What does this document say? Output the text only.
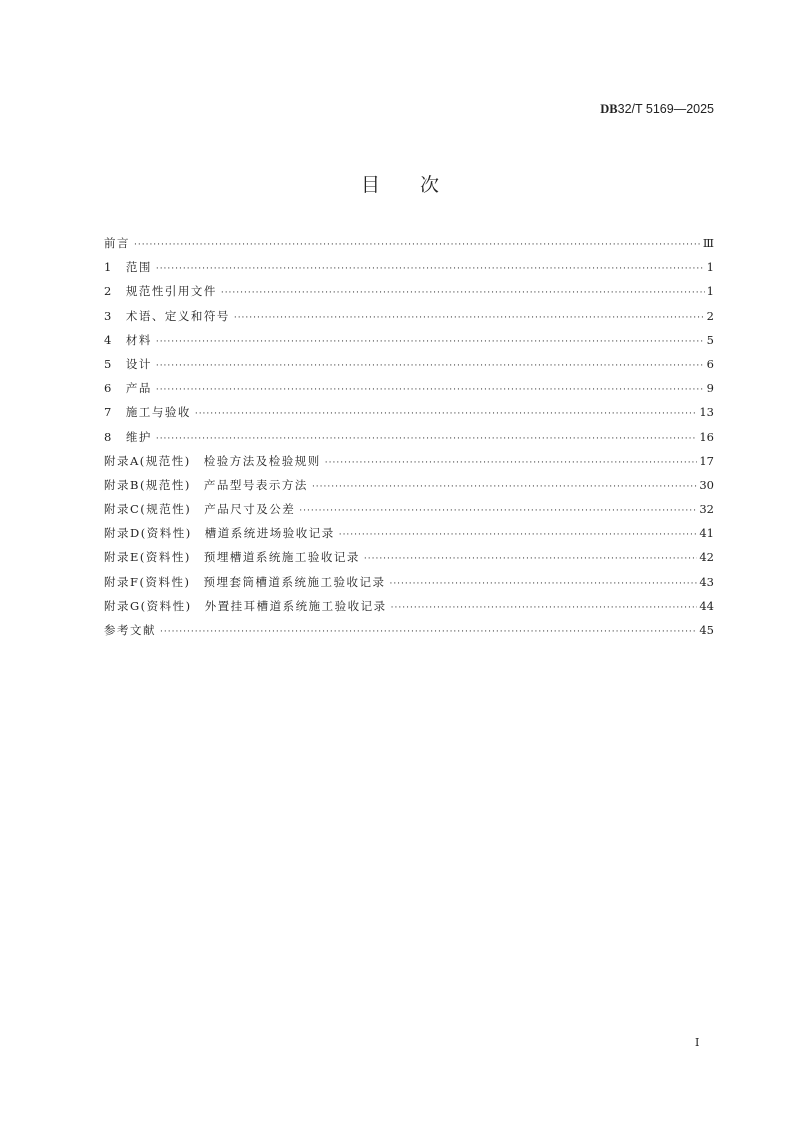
DB32/T 5169—2025
目次
前言 ·····	Ⅲ
1　范围 ·····	1
2　规范性引用文件 ·····	1
3　术语、定义和符号 ·····	2
4　材料 ·····	5
5　设计 ·····	6
6　产品 ·····	9
7　施工与验收 ·····	13
8　维护 ·····	16
附录A(规范性)　检验方法及检验规则 ·····	17
附录B(规范性)　产品型号表示方法 ·····	30
附录C(规范性)　产品尺寸及公差 ·····	32
附录D(资料性)　槽道系统进场验收记录 ·····	41
附录E(资料性)　预埋槽道系统施工验收记录 ·····	42
附录F(资料性)　预埋套筒槽道系统施工验收记录 ·····	43
附录G(资料性)　外置挂耳槽道系统施工验收记录 ·····	44
参考文献 ·····	45
I
